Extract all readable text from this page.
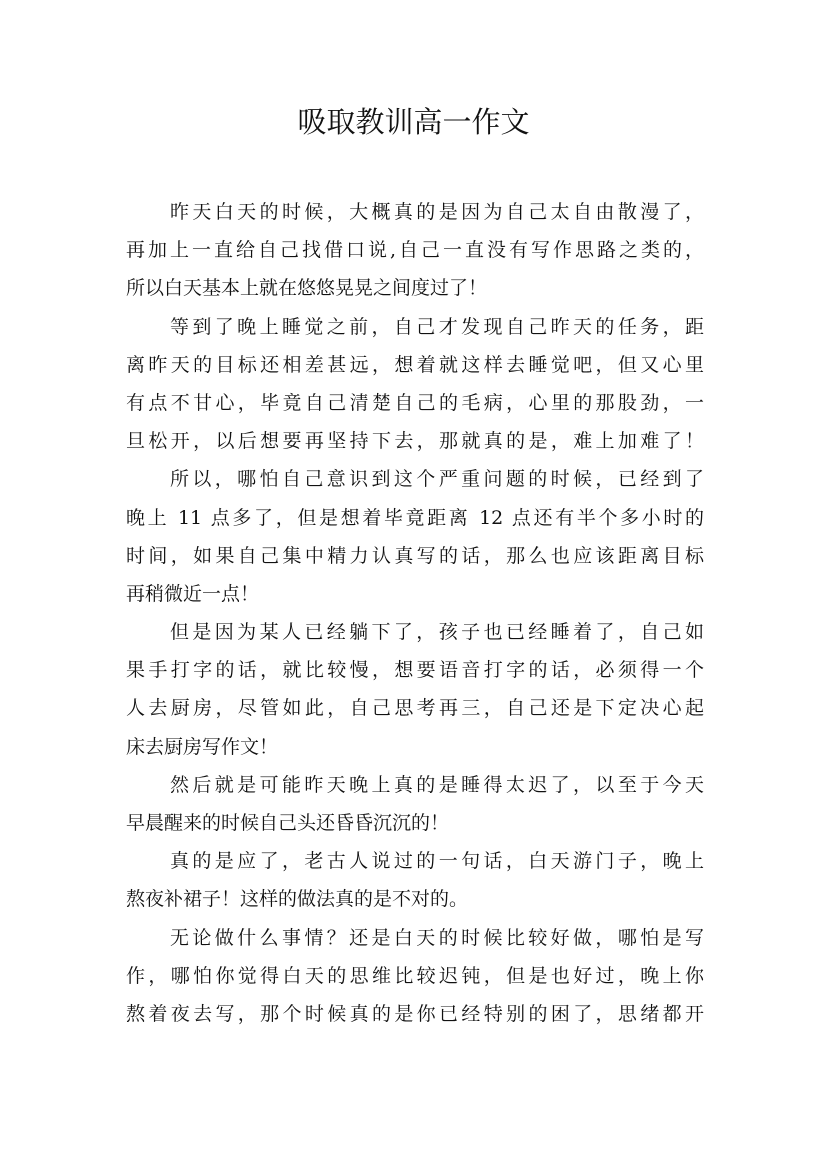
吸取教训高一作文
昨天白天的时候，大概真的是因为自己太自由散漫了，
再加上一直给自己找借口说,自己一直没有写作思路之类的，
所以白天基本上就在悠悠晃晃之间度过了！
等到了晚上睡觉之前，自己才发现自己昨天的任务，距
离昨天的目标还相差甚远，想着就这样去睡觉吧，但又心里
有点不甘心，毕竟自己清楚自己的毛病，心里的那股劲，一
旦松开，以后想要再坚持下去，那就真的是，难上加难了！
所以，哪怕自己意识到这个严重问题的时候，已经到了
晚上 11 点多了，但是想着毕竟距离 12 点还有半个多小时的
时间，如果自己集中精力认真写的话，那么也应该距离目标
再稍微近一点！
但是因为某人已经躺下了，孩子也已经睡着了，自己如
果手打字的话，就比较慢，想要语音打字的话，必须得一个
人去厨房，尽管如此，自己思考再三，自己还是下定决心起
床去厨房写作文！
然后就是可能昨天晚上真的是睡得太迟了，以至于今天
早晨醒来的时候自己头还昏昏沉沉的！
真的是应了，老古人说过的一句话，白天游门子，晚上
熬夜补裙子！这样的做法真的是不对的。
无论做什么事情？还是白天的时候比较好做，哪怕是写
作，哪怕你觉得白天的思维比较迟钝，但是也好过，晚上你
熬着夜去写，那个时候真的是你已经特别的困了，思绪都开
